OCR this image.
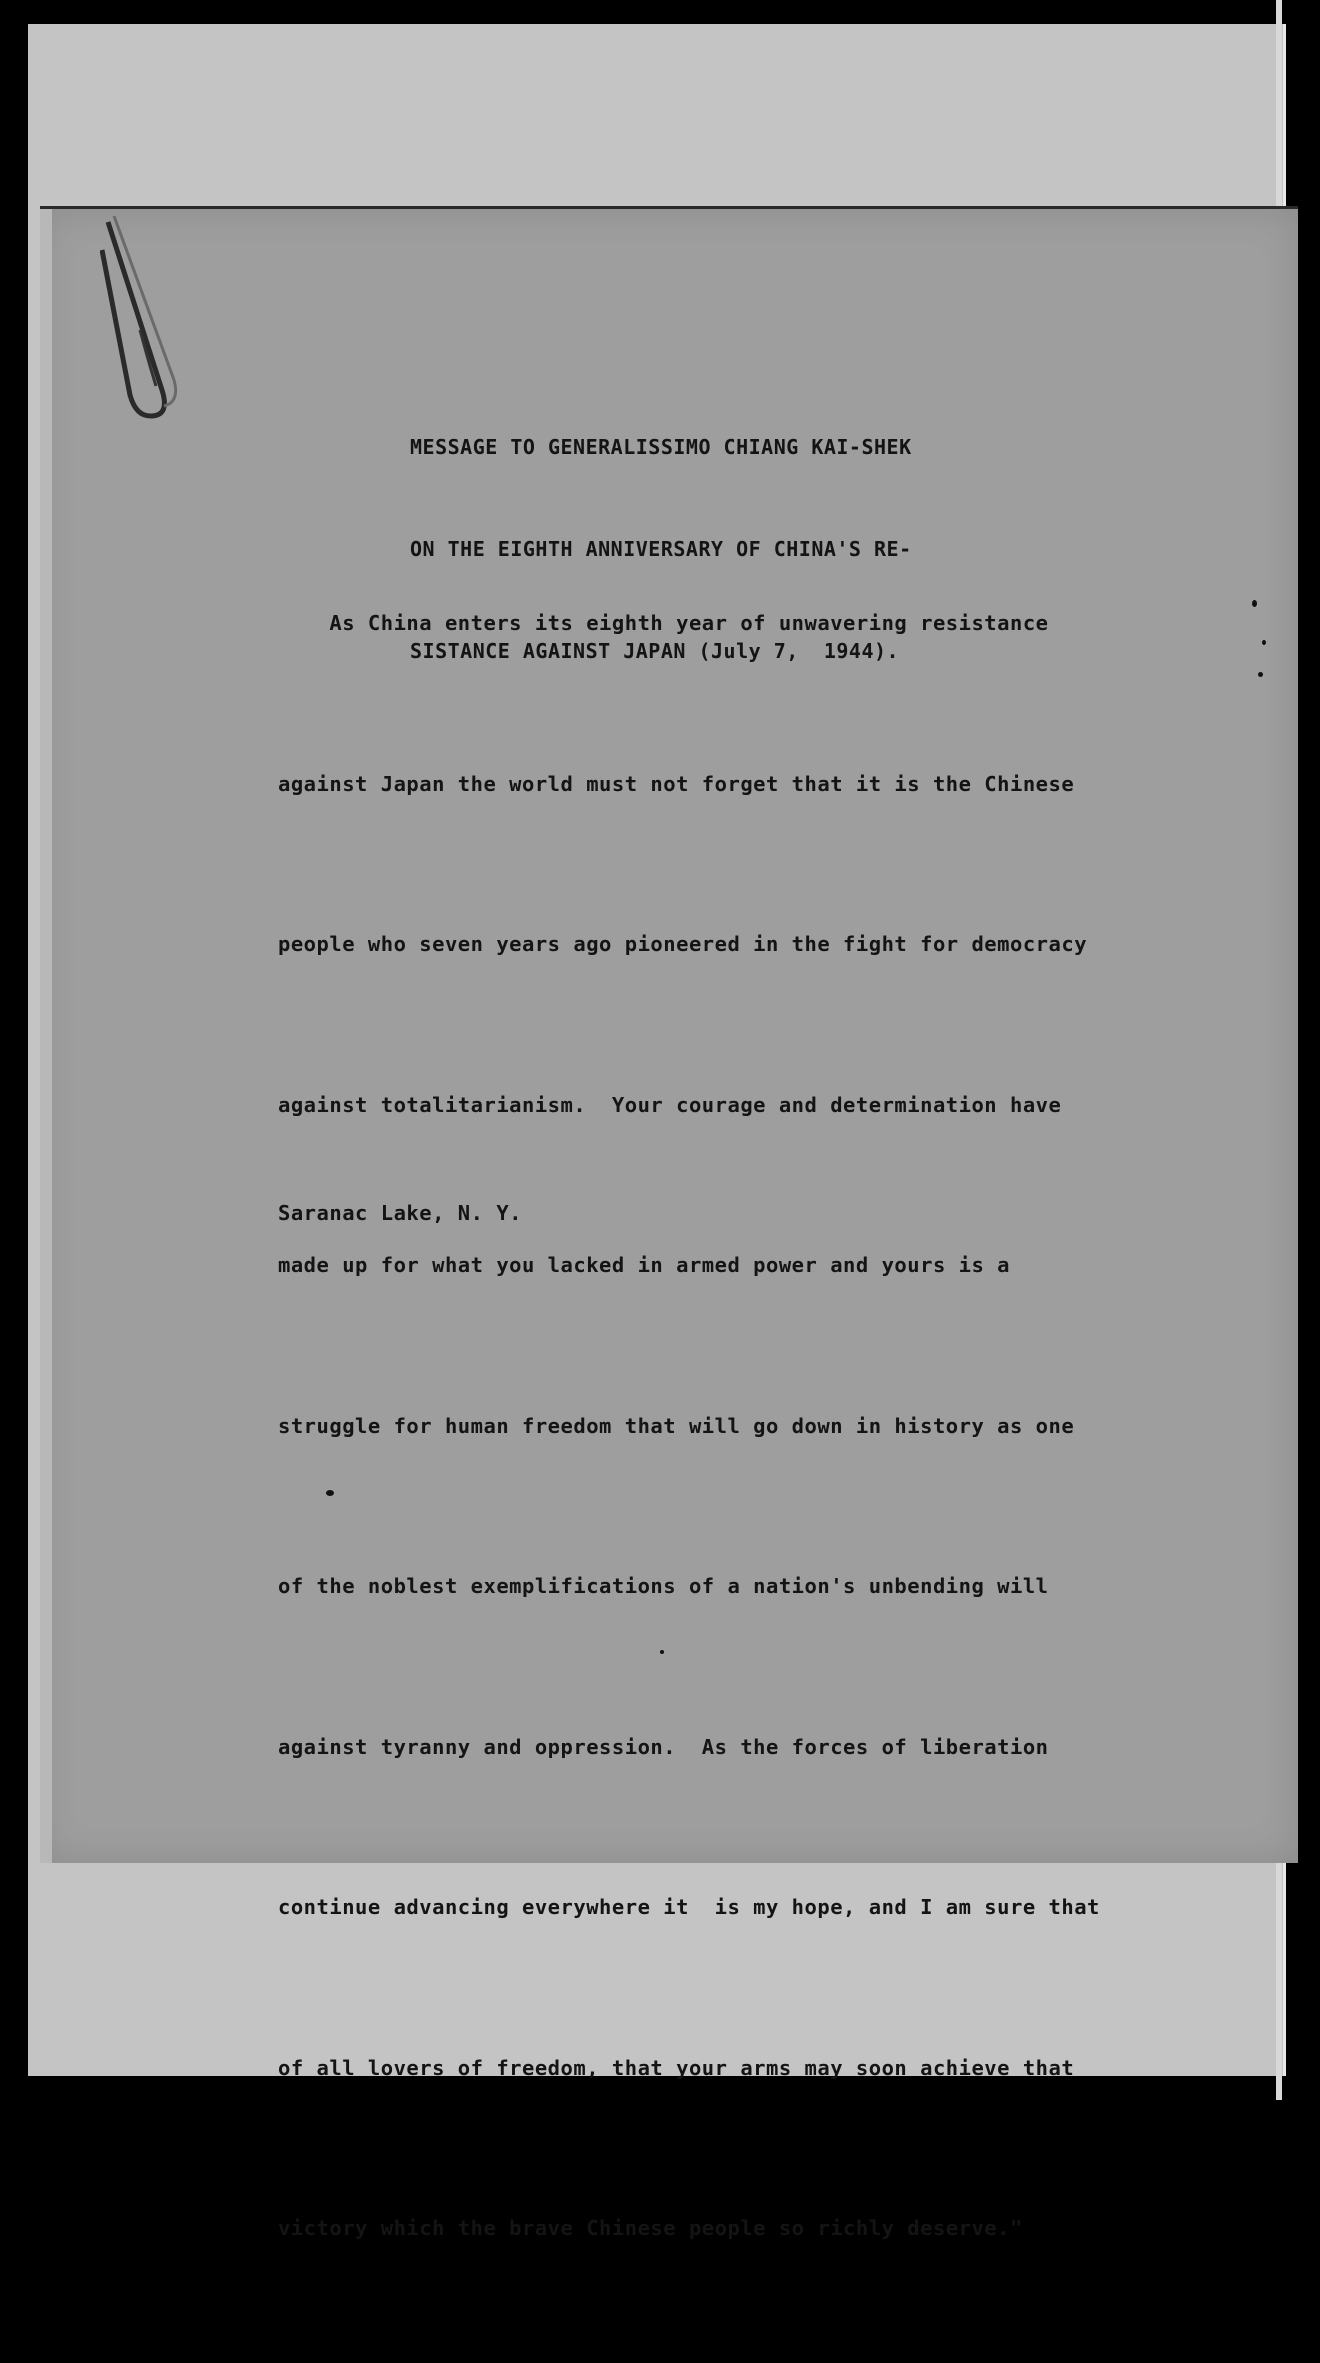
MESSAGE TO GENERALISSIMO CHIANG KAI-SHEK

ON THE EIGHTH ANNIVERSARY OF CHINA'S RE-

SISTANCE AGAINST JAPAN (July 7,  1944).

As China enters its eighth year of unwavering resistance

against Japan the world must not forget that it is the Chinese

people who seven years ago pioneered in the fight for democracy

against totalitarianism.  Your courage and determination have

made up for what you lacked in armed power and yours is a

struggle for human freedom that will go down in history as one

of the noblest exemplifications of a nation's unbending will

against tyranny and oppression.  As the forces of liberation

continue advancing everywhere it  is my hope, and I am sure that

of all lovers of freedom, that your arms may soon achieve that

victory which the brave Chinese people so richly deserve."

Saranac Lake, N. Y.
